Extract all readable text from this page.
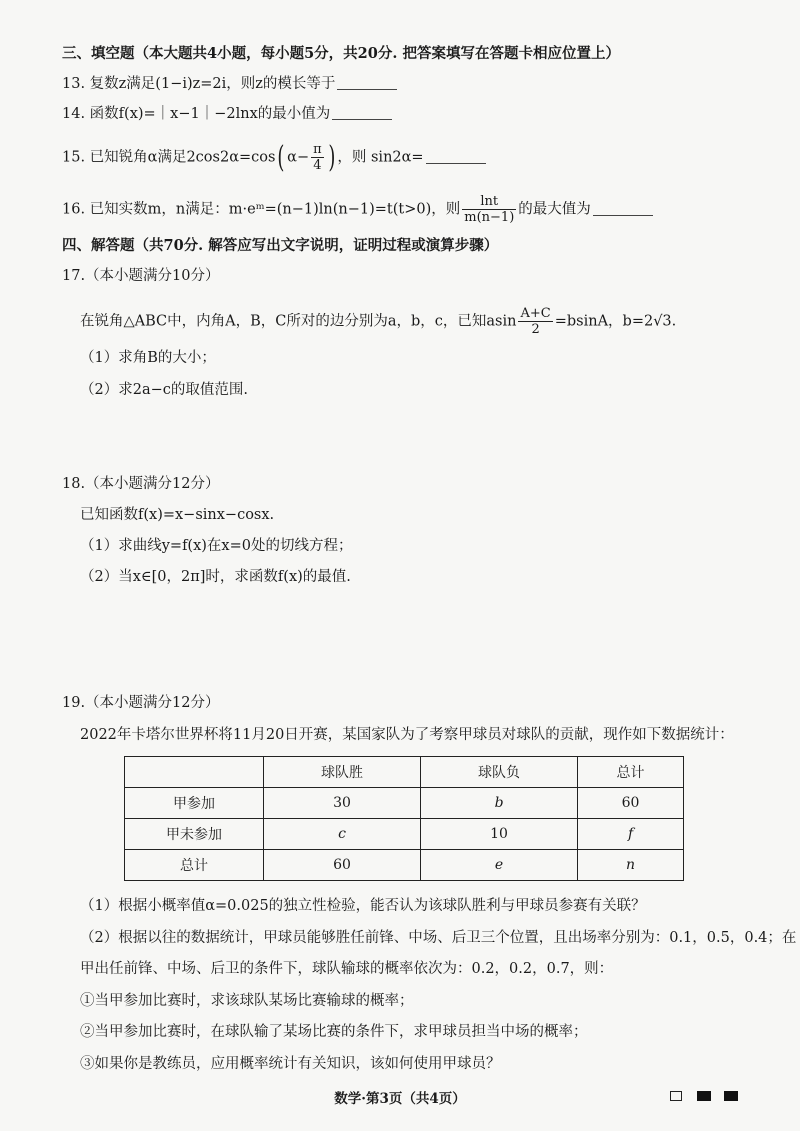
三、填空题（本大题共4小题，每小题5分，共20分. 把答案填写在答题卡相应位置上）
13. 复数z满足(1−i)z=2i，则z的模长等于
14. 函数f(x)=｜x−1｜−2lnx的最小值为
15. 已知锐角α满足2cos2α=cos( $\alpha- \frac{\pi}{4}$ ) ，则 sin2α=
16. 已知实数m，n满足：m·eᵐ=(n−1)ln(n−1)=t(t>0)，则 $\frac{\ln t}{m(n-1)}$ 的最大值为
四、解答题（共70分. 解答应写出文字说明，证明过程或演算步骤）
17.（本小题满分10分）
在锐角△ABC中，内角A，B，C所对的边分别为a，b，c，已知asin $\frac{A+C}{2} =bsinA$，b=2√3.
（1）求角B的大小；
（2）求2a−c的取值范围.
18.（本小题满分12分）
已知函数f(x)=x−sinx−cosx.
（1）求曲线y=f(x)在x=0处的切线方程；
（2）当x∈[0，2π]时，求函数f(x)的最值.
19.（本小题满分12分）
2022年卡塔尔世界杯将11月20日开赛，某国家队为了考察甲球员对球队的贡献，现作如下数据统计：
	球队胜	球队负	总计
甲参加	30	b	60
甲未参加	c	10	f
总计	60	e	n
（1）根据小概率值α=0.025的独立性检验，能否认为该球队胜利与甲球员参赛有关联？
（2）根据以往的数据统计，甲球员能够胜任前锋、中场、后卫三个位置，且出场率分别为：0.1，0.5，0.4；在
甲出任前锋、中场、后卫的条件下，球队输球的概率依次为：0.2，0.2，0.7，则：
①当甲参加比赛时，求该球队某场比赛输球的概率；
②当甲参加比赛时，在球队输了某场比赛的条件下，求甲球员担当中场的概率；
③如果你是教练员，应用概率统计有关知识，该如何使用甲球员？
数学·第3页（共4页）
